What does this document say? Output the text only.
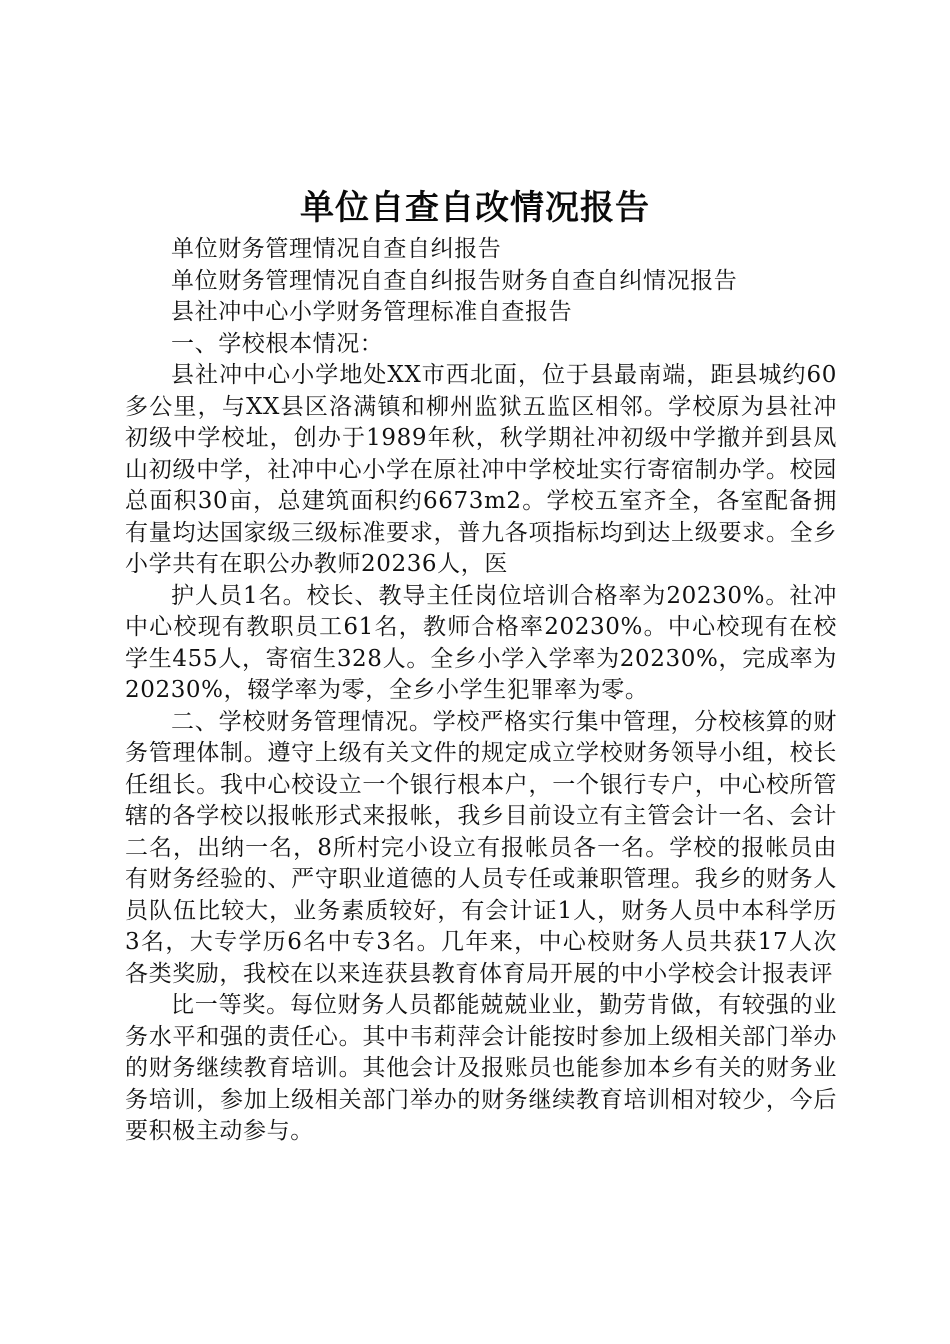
单位自查自改情况报告

单位财务管理情况自查自纠报告

单位财务管理情况自查自纠报告财务自查自纠情况报告

县社冲中心小学财务管理标准自查报告

一、学校根本情况：

县社冲中心小学地处XX市西北面，位于县最南端，距县城约60多公里，与XX县区洛满镇和柳州监狱五监区相邻。学校原为县社冲初级中学校址，创办于1989年秋，秋学期社冲初级中学撤并到县凤山初级中学，社冲中心小学在原社冲中学校址实行寄宿制办学。校园总面积30亩，总建筑面积约6673m2。学校五室齐全，各室配备拥有量均达国家级三级标准要求，普九各项指标均到达上级要求。全乡小学共有在职公办教师20236人，医

护人员1名。校长、教导主任岗位培训合格率为20230%。社冲中心校现有教职员工61名，教师合格率20230%。中心校现有在校学生455人，寄宿生328人。全乡小学入学率为20230%，完成率为20230%，辍学率为零，全乡小学生犯罪率为零。

二、学校财务管理情况。学校严格实行集中管理，分校核算的财务管理体制。遵守上级有关文件的规定成立学校财务领导小组，校长任组长。我中心校设立一个银行根本户，一个银行专户，中心校所管辖的各学校以报帐形式来报帐，我乡目前设立有主管会计一名、会计二名，出纳一名，8所村完小设立有报帐员各一名。学校的报帐员由有财务经验的、严守职业道德的人员专任或兼职管理。我乡的财务人员队伍比较大，业务素质较好，有会计证1人，财务人员中本科学历3名，大专学历6名中专3名。几年来，中心校财务人员共获17人次各类奖励，我校在以来连获县教育体育局开展的中小学校会计报表评

比一等奖。每位财务人员都能兢兢业业，勤劳肯做，有较强的业务水平和强的责任心。其中韦莉萍会计能按时参加上级相关部门举办的财务继续教育培训。其他会计及报账员也能参加本乡有关的财务业务培训，参加上级相关部门举办的财务继续教育培训相对较少，今后要积极主动参与。
